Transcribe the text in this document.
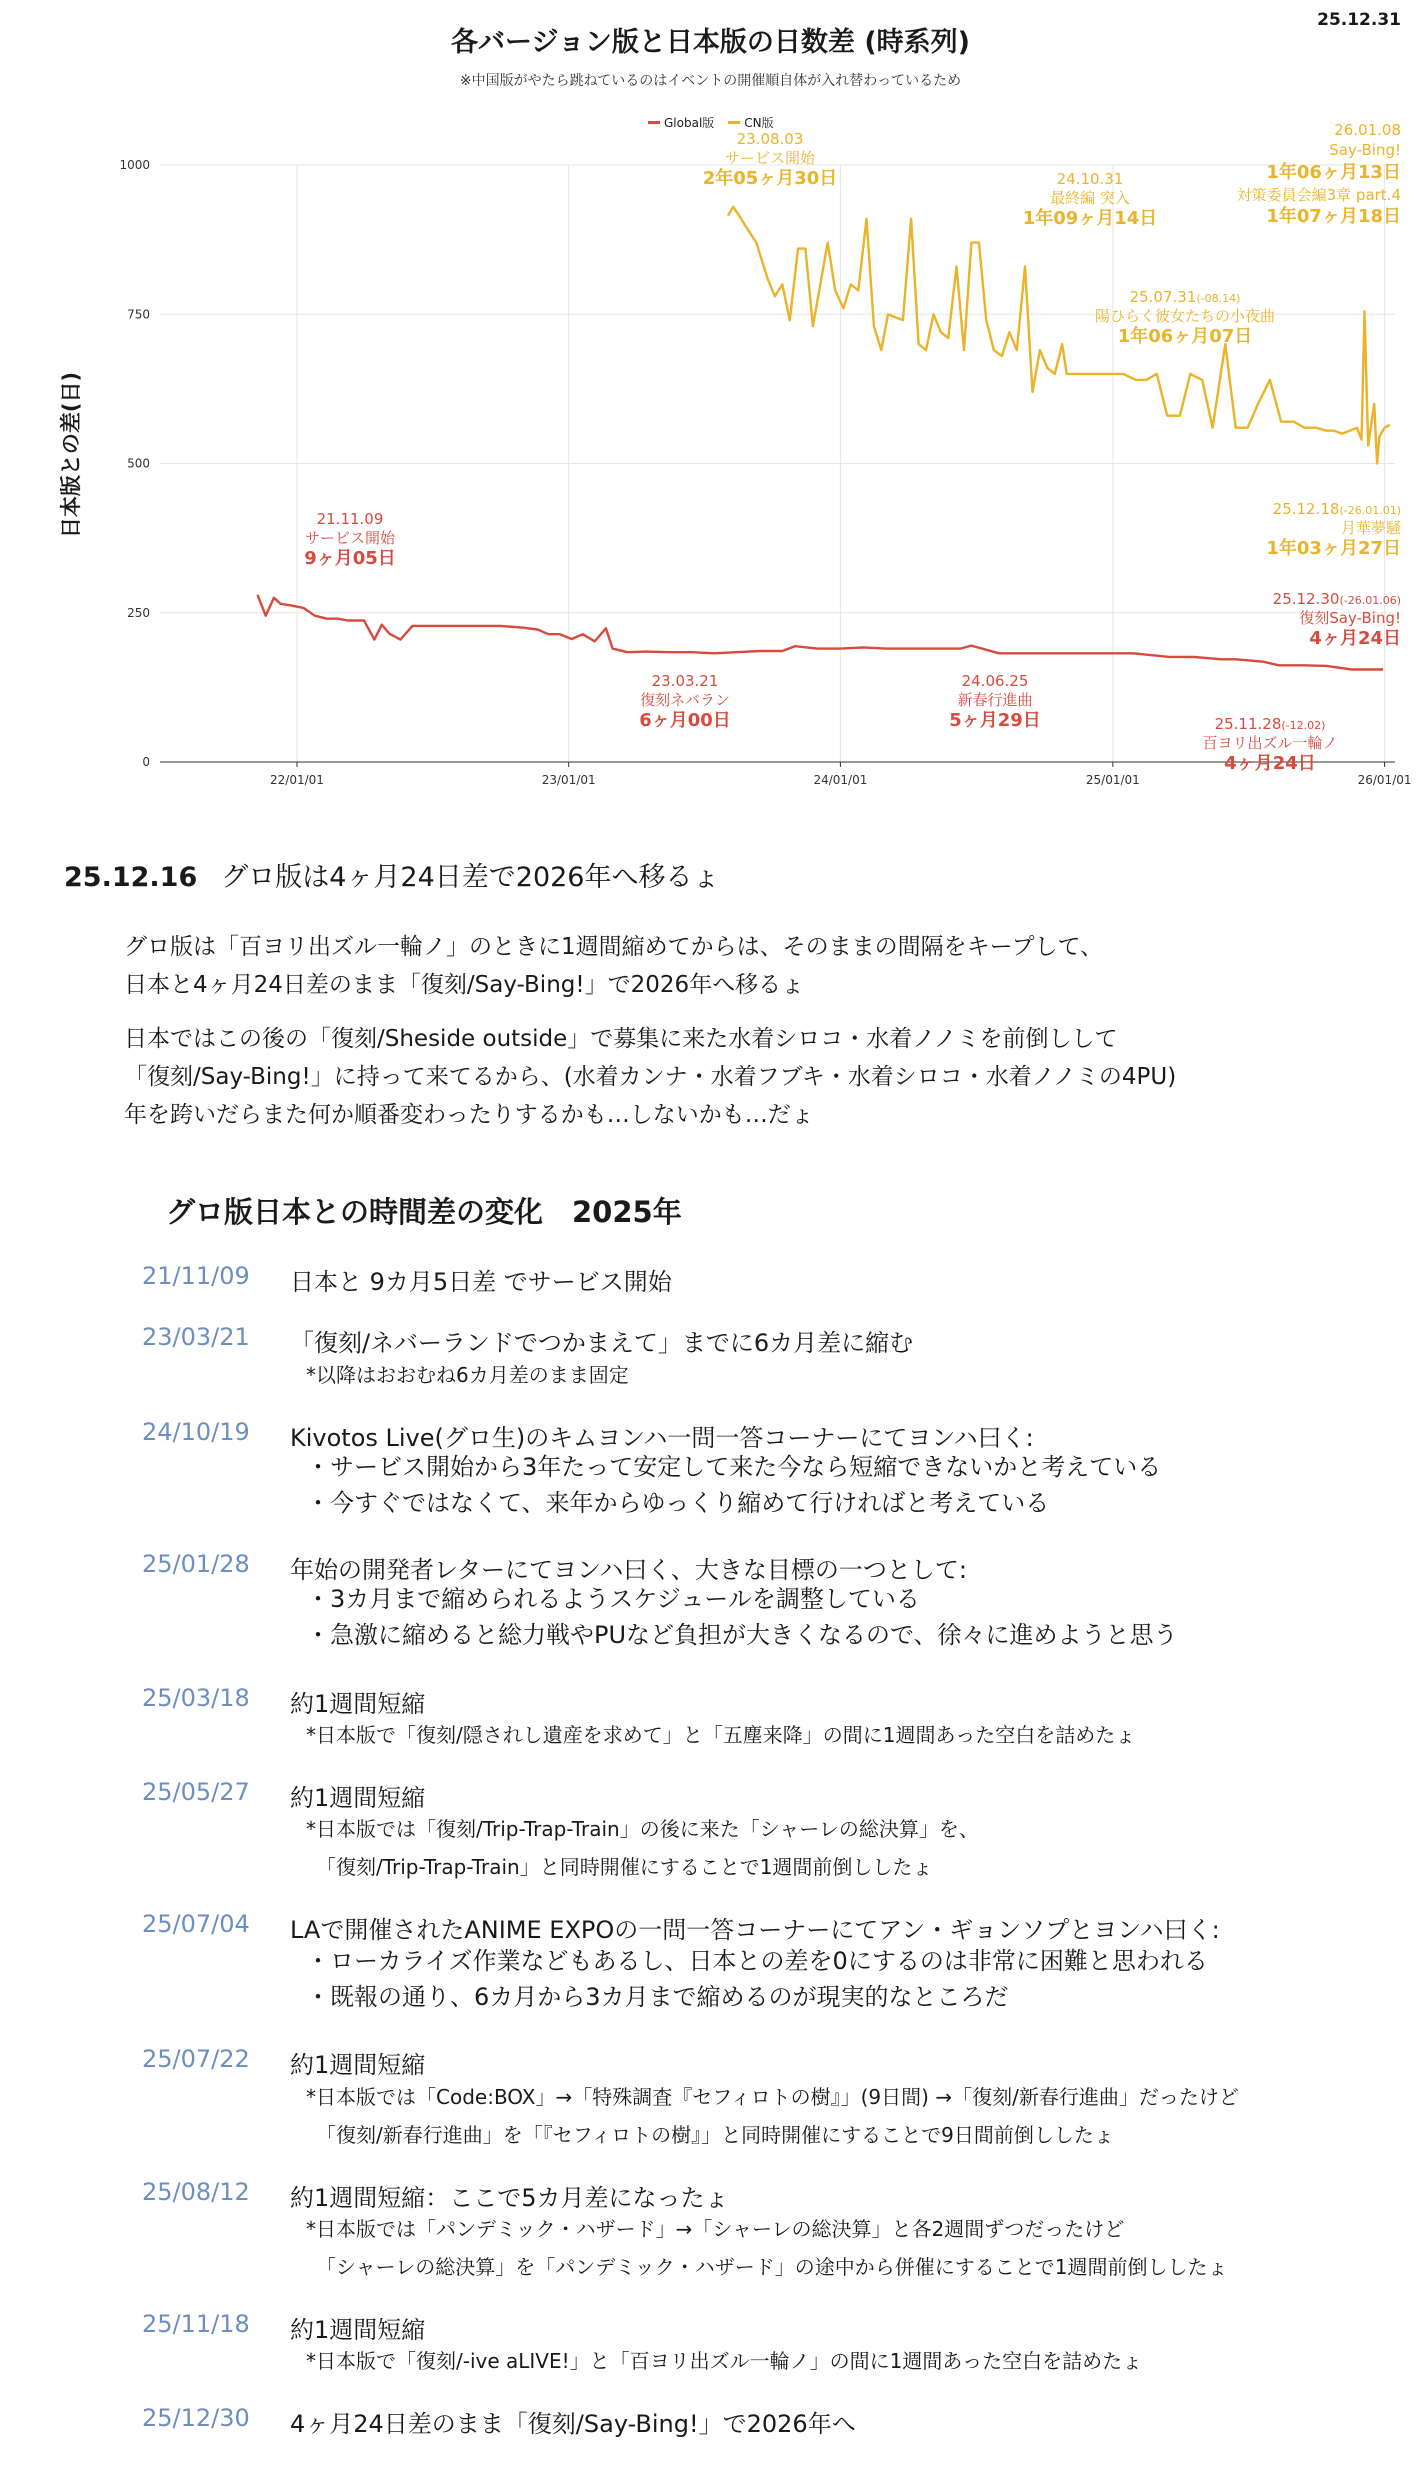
25.12.31
各バージョン版と日本版の日数差 (時系列)
※中国版がやたら跳ねているのはイベントの開催順自体が入れ替わっているため
日本版との差(日)
0
250
500
750
1000
22/01/01	23/01/01	24/01/01	25/01/01	26/01/01
Global版	CN版
21.11.09
サービス開始
9ヶ月05日
23.03.21
復刻ネバラン
6ヶ月00日
23.08.03
サービス開始
2年05ヶ月30日
24.06.25
新春行進曲
5ヶ月29日
24.10.31
最終編 突入
1年09ヶ月14日
25.07.31(-08.14)
陽ひらく彼女たちの小夜曲
1年06ヶ月07日
25.11.28(-12.02)
百ヨリ出ズル一輪ノ
4ヶ月24日
25.12.18(-26.01.01)
月華夢騒
1年03ヶ月27日
25.12.30(-26.01.06)
復刻Say-Bing!
4ヶ月24日
26.01.08
Say-Bing!
1年06ヶ月13日
対策委員会編3章 part.4
1年07ヶ月18日
25.12.16 グロ版は4ヶ月24日差で2026年へ移るょ
グロ版は「百ヨリ出ズル一輪ノ」のときに1週間縮めてからは、そのままの間隔をキープして、
日本と4ヶ月24日差のまま「復刻/Say-Bing!」で2026年へ移るょ
日本ではこの後の「復刻/Sheside outside」で募集に来た水着シロコ・水着ノノミを前倒しして
「復刻/Say-Bing!」に持って来てるから、(水着カンナ・水着フブキ・水着シロコ・水着ノノミの4PU)
年を跨いだらまた何か順番変わったりするかも…しないかも…だょ
グロ版日本との時間差の変化　2025年
21/11/09 日本と 9カ月5日差 でサービス開始
23/03/21 「復刻/ネバーランドでつかまえて」までに6カ月差に縮む
*以降はおおむね6カ月差のまま固定
24/10/19 Kivotos Live(グロ生)のキムヨンハ一問一答コーナーにてヨンハ曰く:
・サービス開始から3年たって安定して来た今なら短縮できないかと考えている
・今すぐではなくて、来年からゆっくり縮めて行ければと考えている
25/01/28 年始の開発者レターにてヨンハ曰く、大きな目標の一つとして:
・3カ月まで縮められるようスケジュールを調整している
・急激に縮めると総力戦やPUなど負担が大きくなるので、徐々に進めようと思う
25/03/18 約1週間短縮
*日本版で「復刻/隠されし遺産を求めて」と「五塵来降」の間に1週間あった空白を詰めたょ
25/05/27 約1週間短縮
*日本版では「復刻/Trip-Trap-Train」の後に来た「シャーレの総決算」を、
「復刻/Trip-Trap-Train」と同時開催にすることで1週間前倒ししたょ
25/07/04 LAで開催されたANIME EXPOの一問一答コーナーにてアン・ギョンソプとヨンハ曰く:
・ローカライズ作業などもあるし、日本との差を0にするのは非常に困難と思われる
・既報の通り、6カ月から3カ月まで縮めるのが現実的なところだ
25/07/22 約1週間短縮
*日本版では「Code:BOX」→「特殊調査『セフィロトの樹』」(9日間) →「復刻/新春行進曲」だったけど
「復刻/新春行進曲」を「『セフィロトの樹』」と同時開催にすることで9日間前倒ししたょ
25/08/12 約1週間短縮：ここで5カ月差になったょ
*日本版では「パンデミック・ハザード」→「シャーレの総決算」と各2週間ずつだったけど
「シャーレの総決算」を「パンデミック・ハザード」の途中から併催にすることで1週間前倒ししたょ
25/11/18 約1週間短縮
*日本版で「復刻/-ive aLIVE!」と「百ヨリ出ズル一輪ノ」の間に1週間あった空白を詰めたょ
25/12/30 4ヶ月24日差のまま「復刻/Say-Bing!」で2026年へ
